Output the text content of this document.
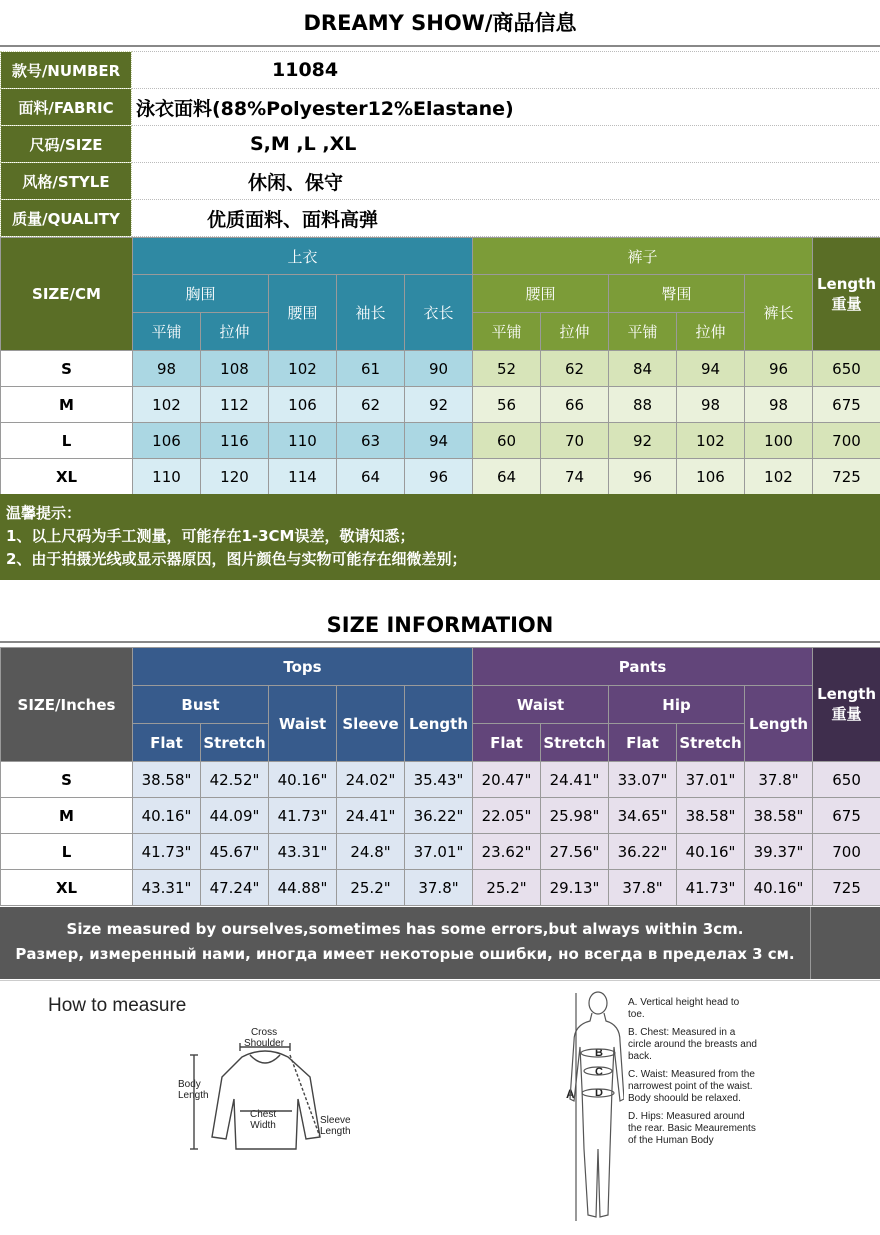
DREAMY SHOW/商品信息
款号/NUMBER	11084
面料/FABRIC	泳衣面料(88%Polyester12%Elastane)
尺码/SIZE	S,M ,L ,XL
风格/STYLE	休闲、保守
质量/QUALITY	优质面料、面料高弹
SIZE/CM	上衣					裤子					Length
重量
	胸围		腰围	袖长	衣长	腰围		臀围		裤长	
	平铺	拉伸				平铺	拉伸	平铺	拉伸		
S	98	108	102	61	90	52	62	84	94	96	650
M	102	112	106	62	92	56	66	88	98	98	675
L	106	116	110	63	94	60	70	92	102	100	700
XL	110	120	114	64	96	64	74	96	106	102	725
温馨提示：
1、以上尺码为手工测量，可能存在1-3CM误差，敬请知悉；
2、由于拍摄光线或显示器原因，图片颜色与实物可能存在细微差别；
SIZE INFORMATION
SIZE/Inches	Tops					Pants					Length
重量
	Bust		Waist	Sleeve	Length	Waist		Hip		Length	
	Flat	Stretch				Flat	Stretch	Flat	Stretch		
S	38.58"	42.52"	40.16"	24.02"	35.43"	20.47"	24.41"	33.07"	37.01"	37.8"	650
M	40.16"	44.09"	41.73"	24.41"	36.22"	22.05"	25.98"	34.65"	38.58"	38.58"	675
L	41.73"	45.67"	43.31"	24.8"	37.01"	23.62"	27.56"	36.22"	40.16"	39.37"	700
XL	43.31"	47.24"	44.88"	25.2"	37.8"	25.2"	29.13"	37.8"	41.73"	40.16"	725
Size measured by ourselves,sometimes has some errors,but always within 3cm.
Размер, измеренный нами, иногда имеет некоторые ошибки, но всегда в пределах 3 см.
How to measure
Cross
Shoulder
Body
Length
Chest
Width	Sleeve
Length
A
B
C
D
A. Vertical height head to toe.
B. Chest: Measured in a circle around the breasts and back.
C. Waist: Measured from the narrowest point of the waist. Body shoould be relaxed.
D. Hips: Measured around the rear. Basic Meaurements of the Human Body
